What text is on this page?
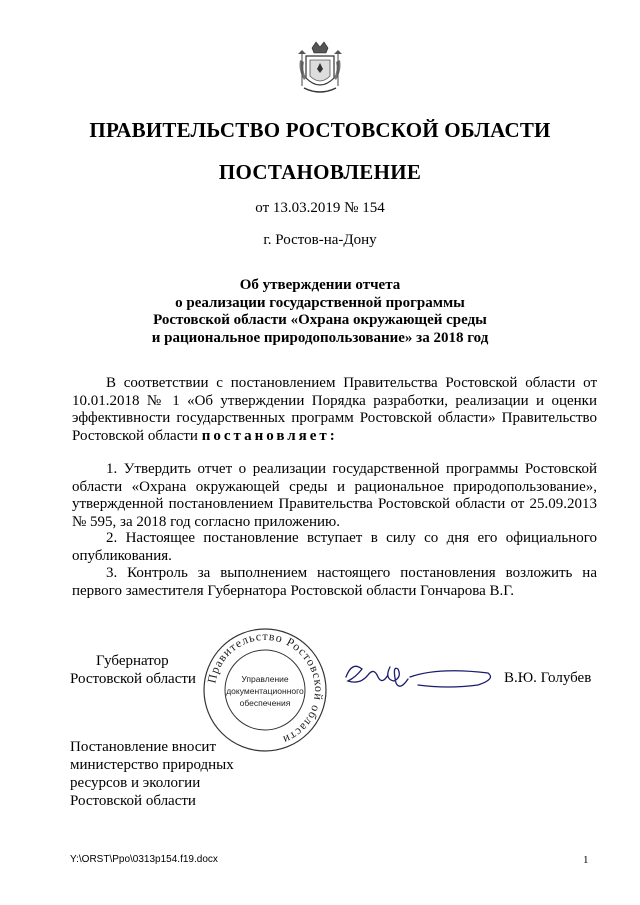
ПРАВИТЕЛЬСТВО РОСТОВСКОЙ ОБЛАСТИ
ПОСТАНОВЛЕНИЕ
от 13.03.2019 № 154
г. Ростов-на-Дону
Об утверждении отчета
о реализации государственной программы
Ростовской области «Охрана окружающей среды
и рациональное природопользование» за 2018 год
В соответствии с постановлением Правительства Ростовской области от 10.01.2018 № 1 «Об утверждении Порядка разработки, реализации и оценки эффективности государственных программ Ростовской области» Правительство Ростовской области постановляет:
1. Утвердить отчет о реализации государственной программы Ростовской области «Охрана окружающей среды и рациональное природопользование», утвержденной постановлением Правительства Ростовской области от 25.09.2013 № 595, за 2018 год согласно приложению.
2. Настоящее постановление вступает в силу со дня его официального опубликования.
3. Контроль за выполнением настоящего постановления возложить на первого заместителя Губернатора Ростовской области Гончарова В.Г.
Губернатор
Ростовской области Правительство Ростовской области
Управление
документационного
обеспечения
В.Ю. Голубев
Постановление вносит
министерство природных
ресурсов и экологии
Ростовской области
Y:\ORST\Ppo\0313p154.f19.docx	1
